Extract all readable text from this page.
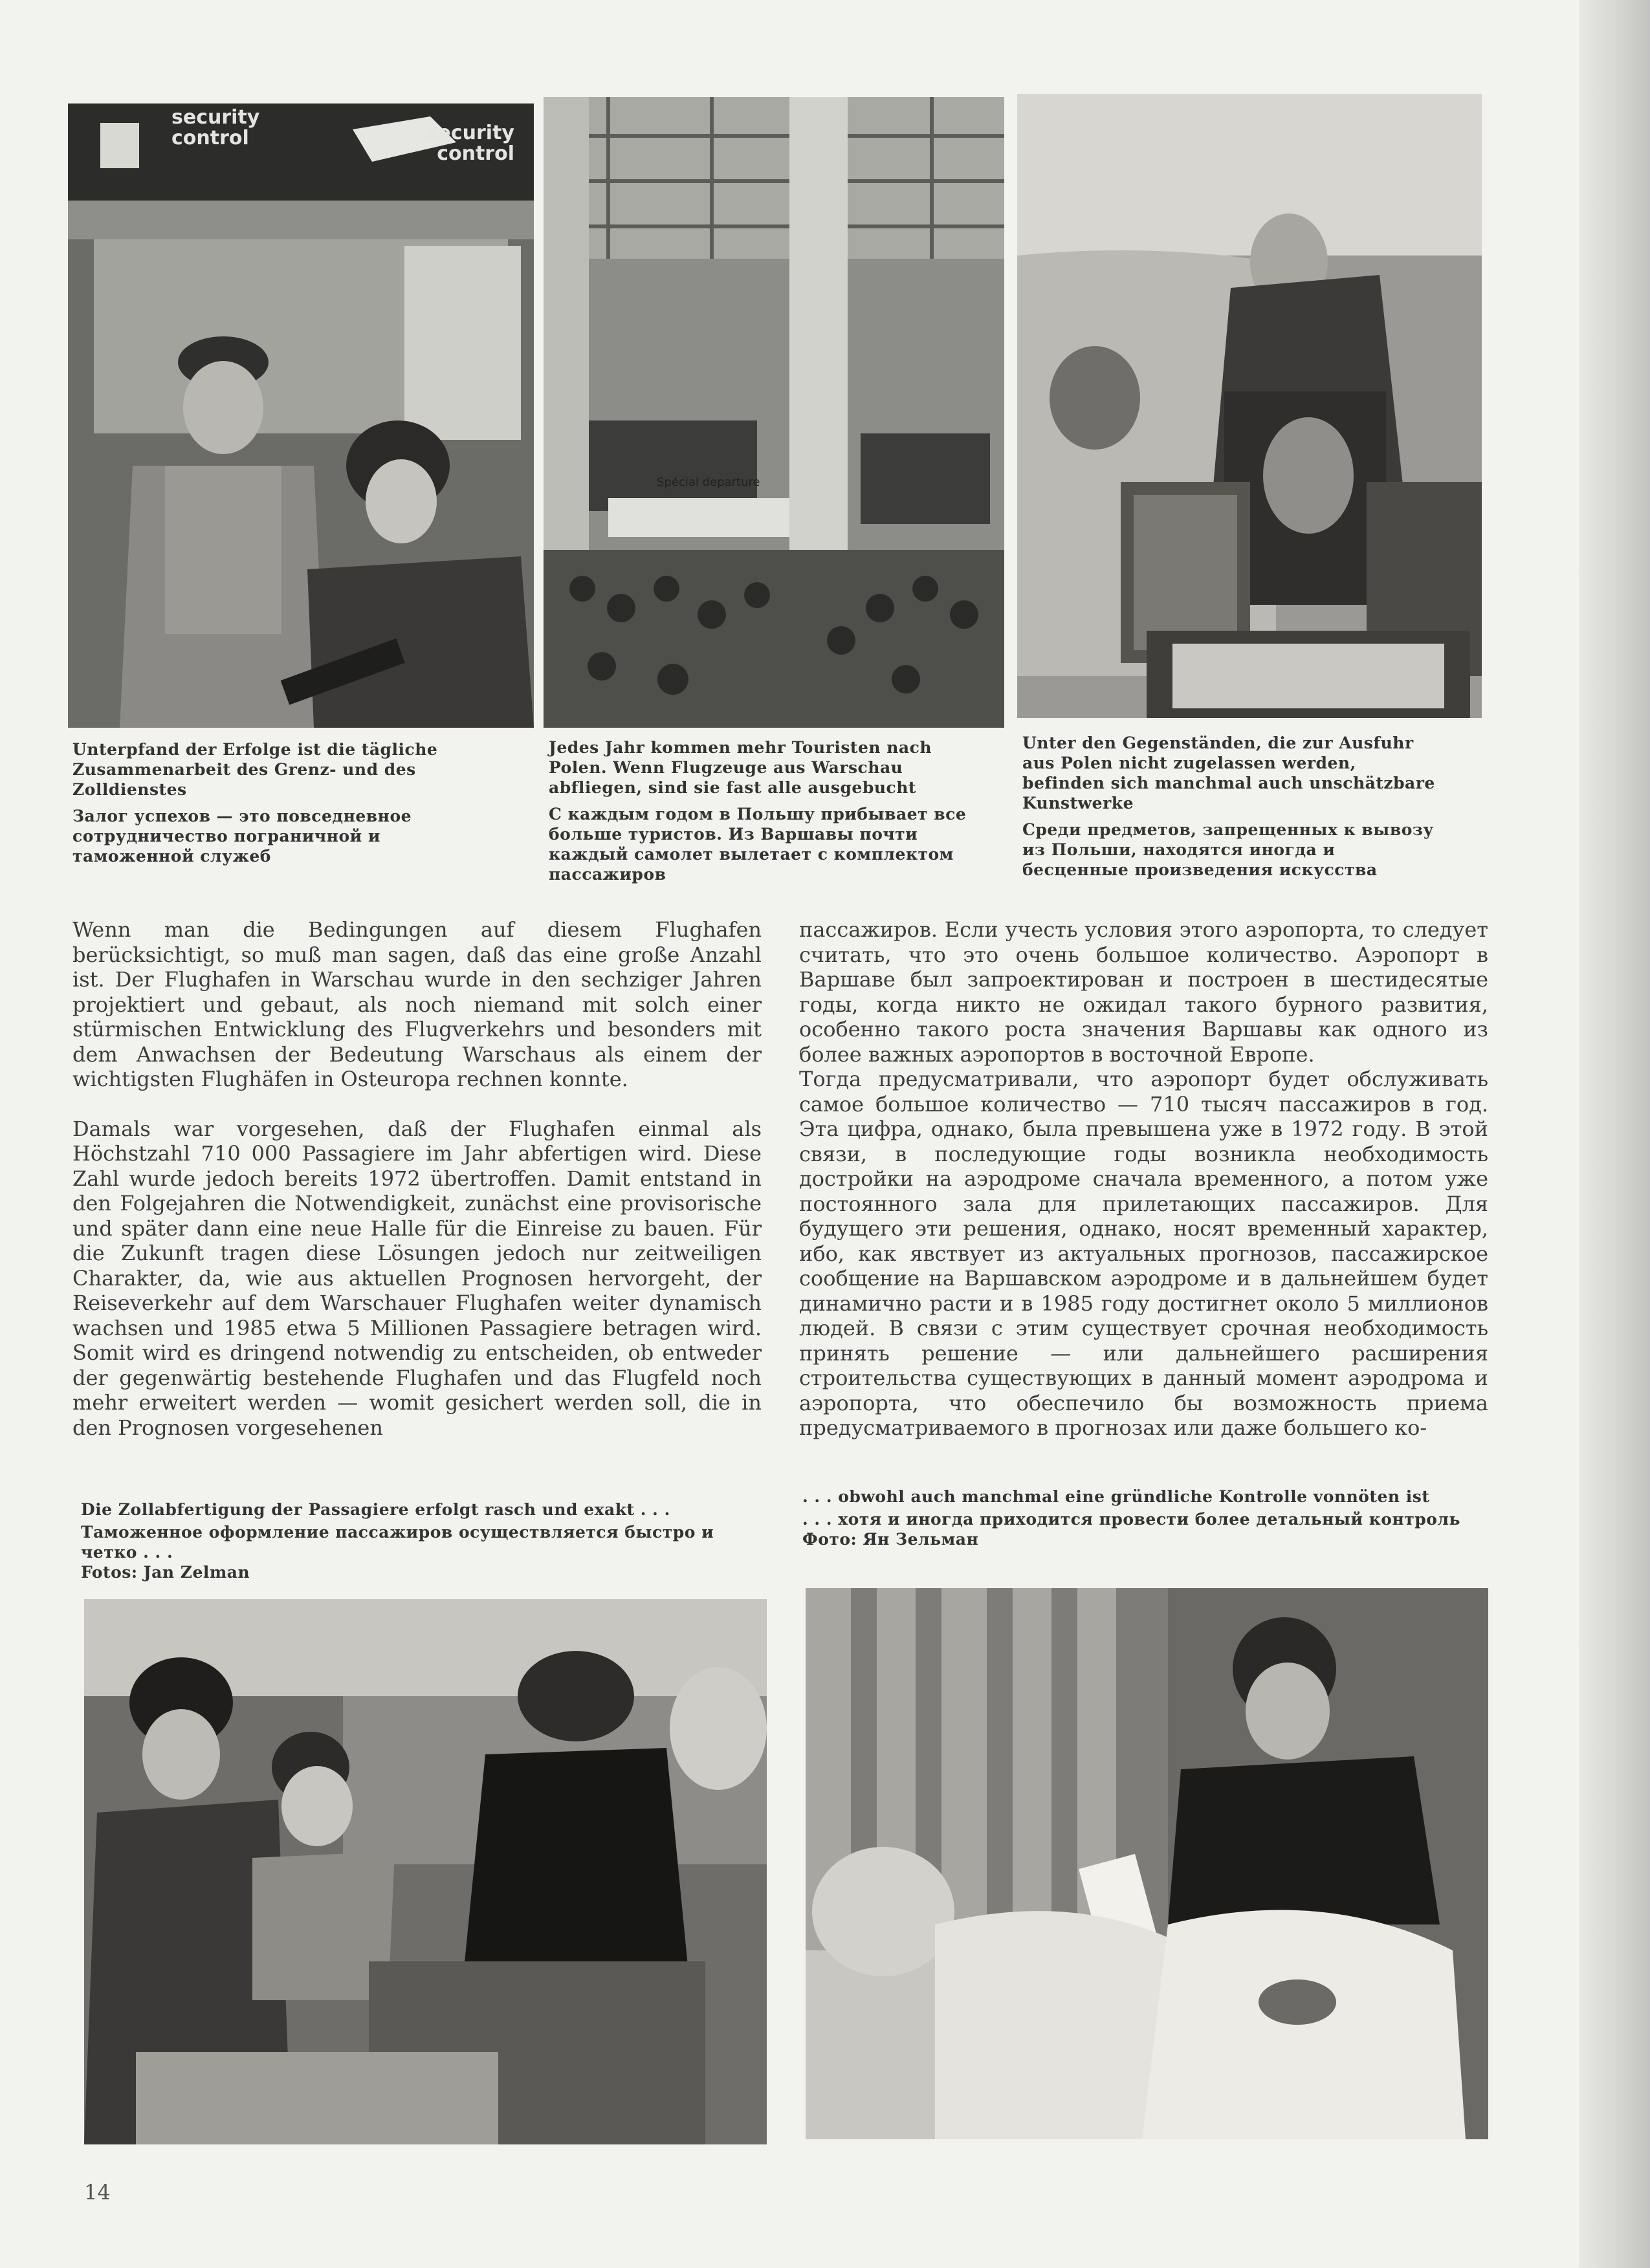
security control	security control
Spécial departure

Unterpfand der Erfolge ist die tägliche Zusammenarbeit des Grenz- und des Zolldienstes

Залог успехов — это повседневное сотрудничество пограничной и таможенной служеб

Jedes Jahr kommen mehr Touristen nach Polen. Wenn Flugzeuge aus Warschau abfliegen, sind sie fast alle ausgebucht

С каждым годом в Польшу прибывает все больше туристов. Из Варшавы почти каждый самолет вылетает с комплектом пассажиров

Unter den Gegenständen, die zur Ausfuhr aus Polen nicht zugelassen werden, befinden sich manchmal auch unschätzbare Kunstwerke

Среди предметов, запрещенных к вывозу из Польши, находятся иногда и бесценные произведения искусства

Wenn man die Bedingungen auf diesem Flughafen berücksichtigt, so muß man sagen, daß das eine große Anzahl ist. Der Flughafen in Warschau wurde in den sechziger Jahren projektiert und gebaut, als noch niemand mit solch einer stürmischen Entwicklung des Flugverkehrs und besonders mit dem Anwachsen der Bedeutung Warschaus als einem der wichtigsten Flughäfen in Osteuropa rechnen konnte.

Damals war vorgesehen, daß der Flughafen einmal als Höchstzahl 710 000 Passagiere im Jahr abfertigen wird. Diese Zahl wurde jedoch bereits 1972 übertroffen. Damit entstand in den Folgejahren die Notwendigkeit, zunächst eine provisorische und später dann eine neue Halle für die Einreise zu bauen. Für die Zukunft tragen diese Lösungen jedoch nur zeitweiligen Charakter, da, wie aus aktuellen Prognosen hervorgeht, der Reiseverkehr auf dem Warschauer Flughafen weiter dynamisch wachsen und 1985 etwa 5 Millionen Passagiere betragen wird. Somit wird es dringend notwendig zu entscheiden, ob entweder der gegenwärtig bestehende Flughafen und das Flugfeld noch mehr erweitert werden — womit gesichert werden soll, die in den Prognosen vorgesehenen

пассажиров. Если учесть условия этого аэропорта, то следует считать, что это очень большое количество. Аэропорт в Варшаве был запроектирован и построен в шестидесятые годы, когда никто не ожидал такого бурного развития, особенно такого роста значения Варшавы как одного из более важных аэропортов в восточной Европе.

Тогда предусматривали, что аэропорт будет обслуживать самое большое количество — 710 тысяч пассажиров в год. Эта цифра, однако, была превышена уже в 1972 году. В этой связи, в последующие годы возникла необходимость достройки на аэродроме сначала временного, а потом уже постоянного зала для прилетающих пассажиров. Для будущего эти решения, однако, носят временный характер, ибо, как явствует из актуальных прогнозов, пассажирское сообщение на Варшавском аэродроме и в дальнейшем будет динамично расти и в 1985 году достигнет около 5 миллионов людей. В связи с этим существует срочная необходимость принять решение — или дальнейшего расширения строительства существующих в данный момент аэродрома и аэропорта, что обеспечило бы возможность приема предусматриваемого в прогнозах или даже большего ко-

Die Zollabfertigung der Passagiere erfolgt rasch und exakt . . .

Таможенное оформление пассажиров осуществляется быстро и четко . . .

Fotos: Jan Zelman

. . . obwohl auch manchmal eine gründliche Kontrolle vonnöten ist

. . . хотя и иногда приходится провести более детальный контроль

Фото: Ян Зельман

14
